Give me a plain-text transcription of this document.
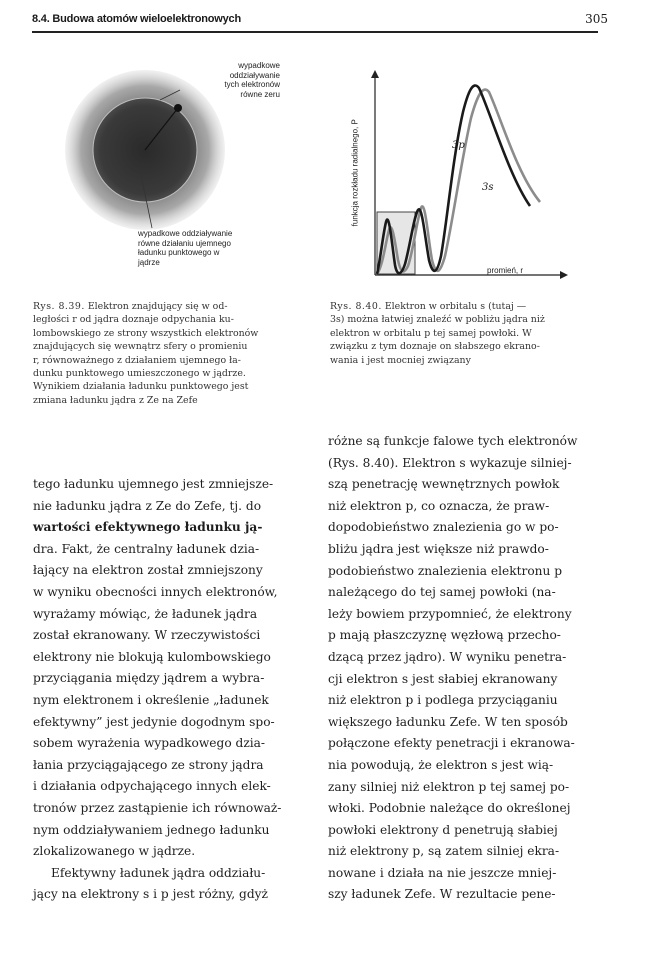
8.4. Budowa atomów wieloelektronowych	305
wypadkowe
oddziaływanie
tych elektronów
równe zeru
wypadkowe oddziaływanie
równe działaniu ujemnego
ładunku punktowego w
jądrze
3p
3s
promień, r
funkcja rozkładu radialnego, P
Rys. 8.39. Elektron znajdujący się w od-
ległości r od jądra doznaje odpychania ku-
lombowskiego ze strony wszystkich elektronów
znajdujących się wewnątrz sfery o promieniu
r, równoważnego z działaniem ujemnego ła-
dunku punktowego umieszczonego w jądrze.
Wynikiem działania ładunku punktowego jest
zmiana ładunku jądra z Ze na Zefe
Rys. 8.40. Elektron w orbitalu s (tutaj —
3s) można łatwiej znaleźć w pobliżu jądra niż
elektron w orbitalu p tej samej powłoki. W
związku z tym doznaje on słabszego ekrano-
wania i jest mocniej związany
tego ładunku ujemnego jest zmniejsze-
nie ładunku jądra z Ze do Zefe, tj. do
wartości efektywnego ładunku ją-
dra. Fakt, że centralny ładunek dzia-
łający na elektron został zmniejszony
w wyniku obecności innych elektronów,
wyrażamy mówiąc, że ładunek jądra
został ekranowany. W rzeczywistości
elektrony nie blokują kulombowskiego
przyciągania między jądrem a wybra-
nym elektronem i określenie „ładunek
efektywny” jest jedynie dogodnym spo-
sobem wyrażenia wypadkowego dzia-
łania przyciągającego ze strony jądra
i działania odpychającego innych elek-
tronów przez zastąpienie ich równoważ-
nym oddziaływaniem jednego ładunku
zlokalizowanego w jądrze.
Efektywny ładunek jądra oddziału-
jący na elektrony s i p jest różny, gdyż
różne są funkcje falowe tych elektronów
(Rys. 8.40). Elektron s wykazuje silniej-
szą penetrację wewnętrznych powłok
niż elektron p, co oznacza, że praw-
dopodobieństwo znalezienia go w po-
bliżu jądra jest większe niż prawdo-
podobieństwo znalezienia elektronu p
należącego do tej samej powłoki (na-
leży bowiem przypomnieć, że elektrony
p mają płaszczyznę węzłową przecho-
dzącą przez jądro). W wyniku penetra-
cji elektron s jest słabiej ekranowany
niż elektron p i podlega przyciąganiu
większego ładunku Zefe. W ten sposób
połączone efekty penetracji i ekranowa-
nia powodują, że elektron s jest wią-
zany silniej niż elektron p tej samej po-
włoki. Podobnie należące do określonej
powłoki elektrony d penetrują słabiej
niż elektrony p, są zatem silniej ekra-
nowane i działa na nie jeszcze mniej-
szy ładunek Zefe. W rezultacie pene-
